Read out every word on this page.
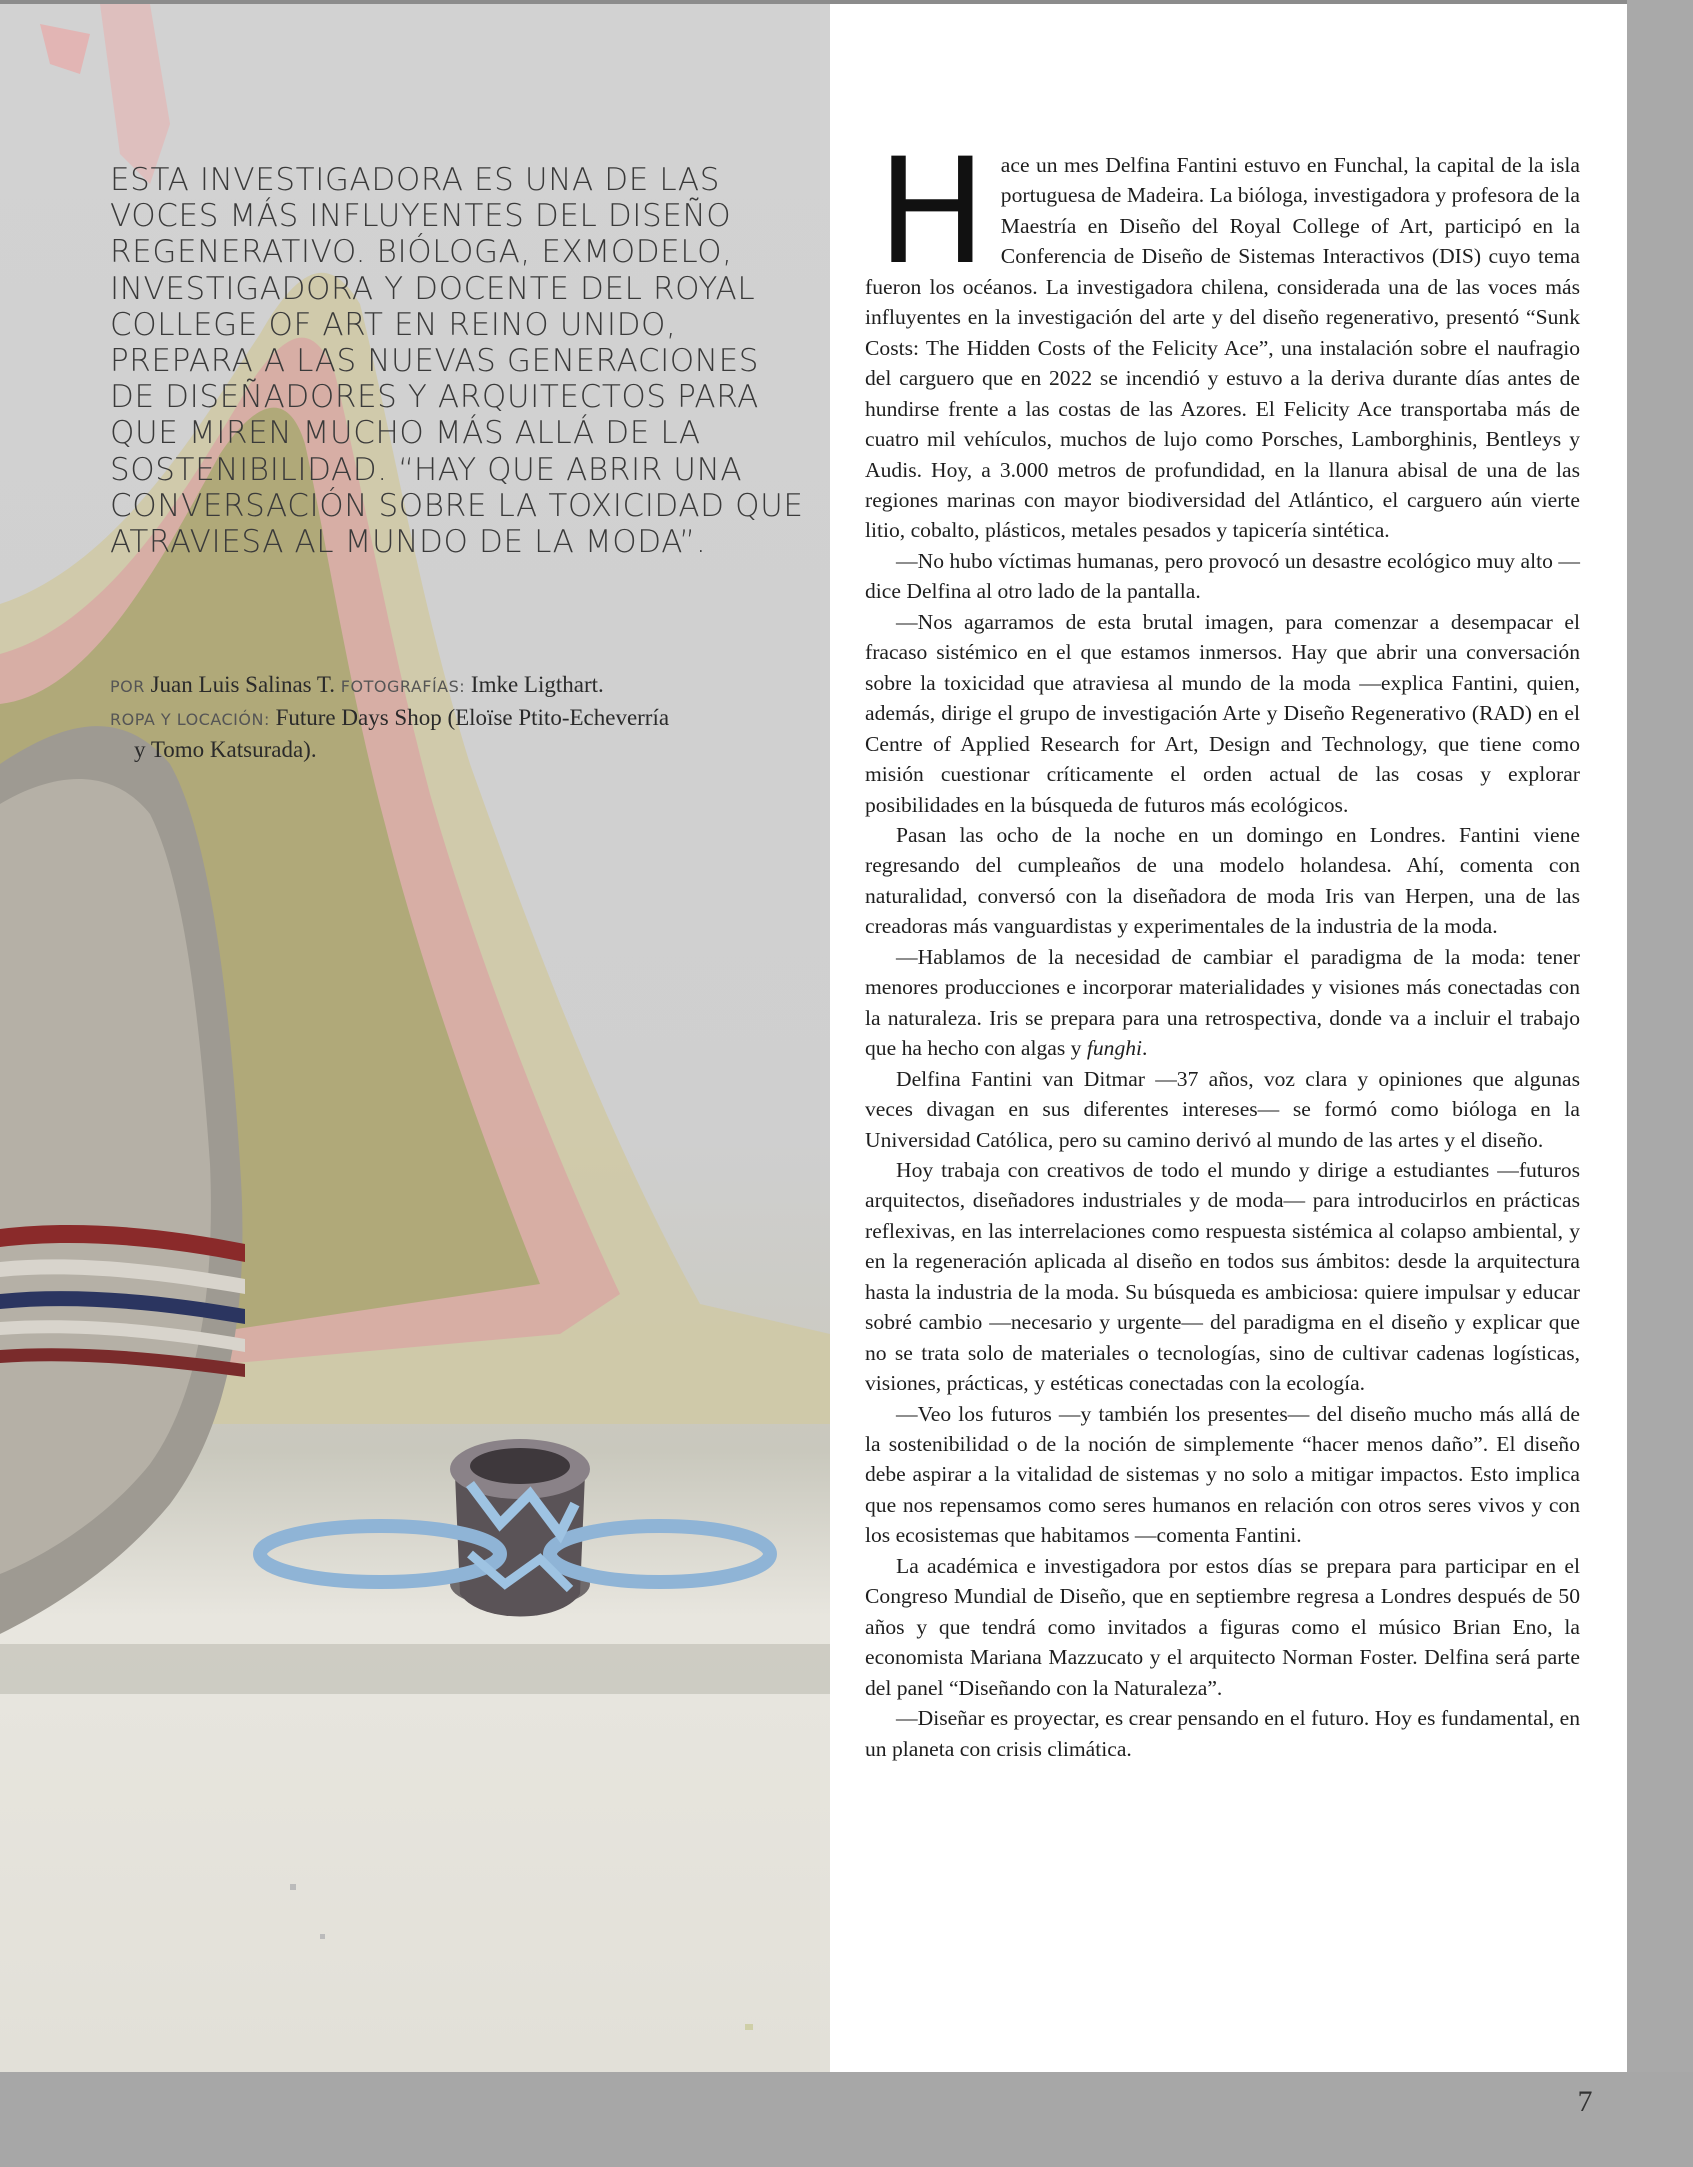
ESTA INVESTIGADORA ES UNA DE LAS VOCES MÁS INFLUYENTES DEL DISEÑO REGENERATIVO. BIÓLOGA, EXMODELO, INVESTIGADORA Y DOCENTE DEL ROYAL COLLEGE OF ART EN REINO UNIDO, PREPARA A LAS NUEVAS GENERACIONES DE DISEÑADORES Y ARQUITECTOS PARA QUE MIREN MUCHO MÁS ALLÁ DE LA SOSTENIBILIDAD. “HAY QUE ABRIR UNA CONVERSACIÓN SOBRE LA TOXICIDAD QUE ATRAVIESA AL MUNDO DE LA MODA”.

POR Juan Luis Salinas T. FOTOGRAFÍAS: Imke Ligthart.
ROPA Y LOCACIÓN: Future Days Shop (Eloïse Ptito-Echeverría
y Tomo Katsurada).

Hace un mes Delfina Fantini estuvo en Funchal, la capital de la isla portuguesa de Madeira. La bióloga, investigadora y profesora de la Maestría en Diseño del Royal College of Art, participó en la Conferencia de Diseño de Sistemas Interactivos (DIS) cuyo tema fueron los océanos. La investigadora chilena, considerada una de las voces más influyentes en la investigación del arte y del diseño regenerativo, presentó “Sunk Costs: The Hidden Costs of the Felicity Ace”, una instalación sobre el naufragio del carguero que en 2022 se incendió y estuvo a la deriva durante días antes de hundirse frente a las costas de las Azores. El Felicity Ace transportaba más de cuatro mil vehículos, muchos de lujo como Porsches, Lamborghinis, Bentleys y Audis. Hoy, a 3.000 metros de profundidad, en la llanura abisal de una de las regiones marinas con mayor biodiversidad del Atlántico, el carguero aún vierte litio, cobalto, plásticos, metales pesados y tapicería sintética.

—No hubo víctimas humanas, pero provocó un desastre ecológico muy alto —dice Delfina al otro lado de la pantalla.

—Nos agarramos de esta brutal imagen, para comenzar a desempacar el fracaso sistémico en el que estamos inmersos. Hay que abrir una conversación sobre la toxicidad que atraviesa al mundo de la moda —explica Fantini, quien, además, dirige el grupo de investigación Arte y Diseño Regenerativo (RAD) en el Centre of Applied Research for Art, Design and Technology, que tiene como misión cuestionar críticamente el orden actual de las cosas y explorar posibilidades en la búsqueda de futuros más ecológicos.

Pasan las ocho de la noche en un domingo en Londres. Fantini viene regresando del cumpleaños de una modelo holandesa. Ahí, comenta con naturalidad, conversó con la diseñadora de moda Iris van Herpen, una de las creadoras más vanguardistas y experimentales de la industria de la moda.

—Hablamos de la necesidad de cambiar el paradigma de la moda: tener menores producciones e incorporar materialidades y visiones más conectadas con la naturaleza. Iris se prepara para una retrospectiva, donde va a incluir el trabajo que ha hecho con algas y funghi.

Delfina Fantini van Ditmar —37 años, voz clara y opiniones que algunas veces divagan en sus diferentes intereses— se formó como bióloga en la Universidad Católica, pero su camino derivó al mundo de las artes y el diseño.

Hoy trabaja con creativos de todo el mundo y dirige a estudiantes —futuros arquitectos, diseñadores industriales y de moda— para introducirlos en prácticas reflexivas, en las interrelaciones como respuesta sistémica al colapso ambiental, y en la regeneración aplicada al diseño en todos sus ámbitos: desde la arquitectura hasta la industria de la moda. Su búsqueda es ambiciosa: quiere impulsar y educar sobré cambio —necesario y urgente— del paradigma en el diseño y explicar que no se trata solo de materiales o tecnologías, sino de cultivar cadenas logísticas, visiones, prácticas, y estéticas conectadas con la ecología.

—Veo los futuros —y también los presentes— del diseño mucho más allá de la sostenibilidad o de la noción de simplemente “hacer menos daño”. El diseño debe aspirar a la vitalidad de sistemas y no solo a mitigar impactos. Esto implica que nos repensamos como seres humanos en relación con otros seres vivos y con los ecosistemas que habitamos —comenta Fantini.

La académica e investigadora por estos días se prepara para participar en el Congreso Mundial de Diseño, que en septiembre regresa a Londres después de 50 años y que tendrá como invitados a figuras como el músico Brian Eno, la economista Mariana Mazzucato y el arquitecto Norman Foster. Delfina será parte del panel “Diseñando con la Naturaleza”.

—Diseñar es proyectar, es crear pensando en el futuro. Hoy es fundamental, en un planeta con crisis climática.

7
